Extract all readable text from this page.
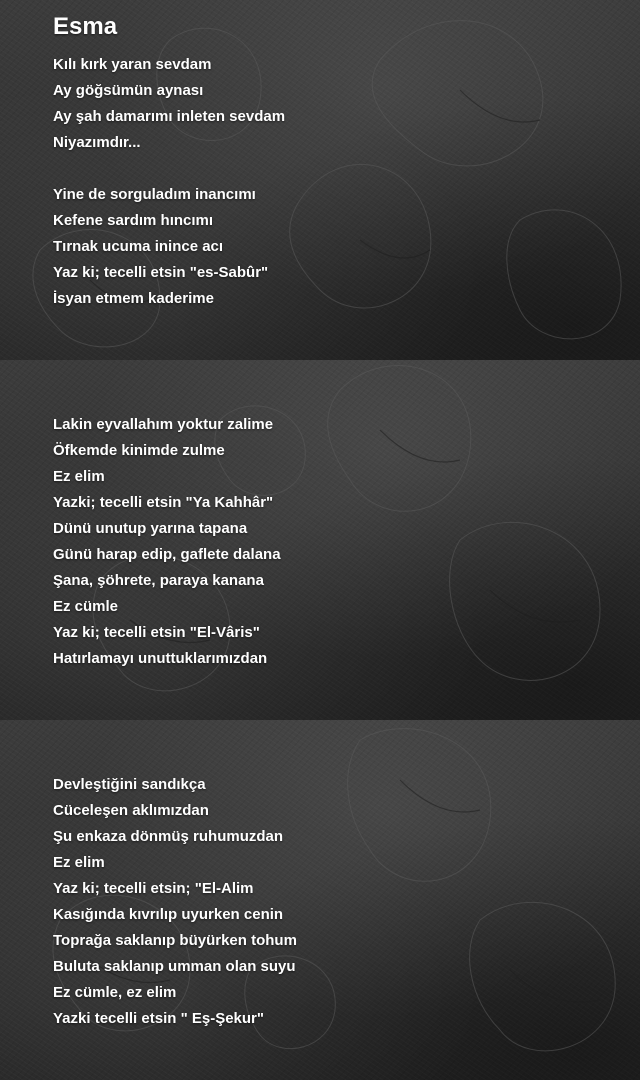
Esma
Kılı kırk yaran sevdam
Ay göğsümün aynası
Ay şah damarımı inleten sevdam
Niyazımdır...
Yine de sorguladım inancımı
Kefene sardım hıncımı
Tırnak ucuma inince acı
Yaz ki; tecelli etsin "es-Sabûr"
İsyan etmem kaderime
Lakin eyvallahım yoktur zalime
Öfkemde kinimde zulme
Ez elim
Yazki; tecelli etsin "Ya Kahhâr"
Dünü unutup yarına tapana
Günü harap edip, gaflete dalana
Şana, şöhrete, paraya kanana
Ez cümle
Yaz ki; tecelli etsin "El-Vâris"
Hatırlamayı unuttuklarımızdan
Devleştiğini sandıkça
Cüceleşen aklımızdan
Şu enkaza dönmüş ruhumuzdan
Ez elim
Yaz ki; tecelli etsin; "El-Alim
Kasığında kıvrılıp uyurken cenin
Toprağa saklanıp büyürken tohum
Buluta saklanıp umman olan suyu
Ez cümle, ez elim
Yazki tecelli etsin " Eş-Şekur"
